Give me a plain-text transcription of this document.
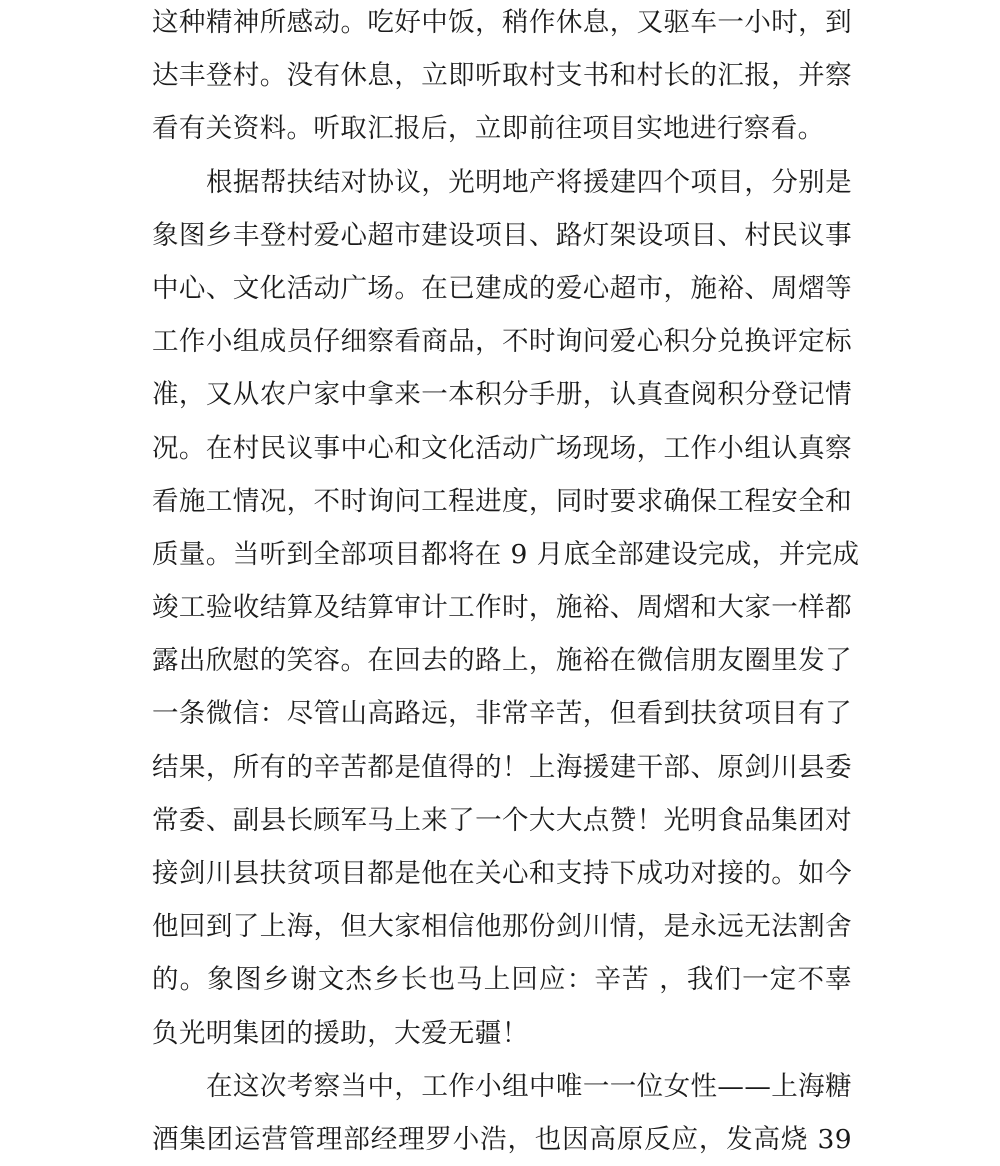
这种精神所感动。吃好中饭，稍作休息，又驱车一小时，到
达丰登村。没有休息，立即听取村支书和村长的汇报，并察
看有关资料。听取汇报后，立即前往项目实地进行察看。
根据帮扶结对协议，光明地产将援建四个项目，分别是
象图乡丰登村爱心超市建设项目、路灯架设项目、村民议事
中心、文化活动广场。在已建成的爱心超市，施裕、周熠等
工作小组成员仔细察看商品，不时询问爱心积分兑换评定标
准，又从农户家中拿来一本积分手册，认真查阅积分登记情
况。在村民议事中心和文化活动广场现场，工作小组认真察
看施工情况，不时询问工程进度，同时要求确保工程安全和
质量。当听到全部项目都将在 9 月底全部建设完成，并完成
竣工验收结算及结算审计工作时，施裕、周熠和大家一样都
露出欣慰的笑容。在回去的路上，施裕在微信朋友圈里发了
一条微信：尽管山高路远，非常辛苦，但看到扶贫项目有了
结果，所有的辛苦都是值得的！上海援建干部、原剑川县委
常委、副县长顾军马上来了一个大大点赞！光明食品集团对
接剑川县扶贫项目都是他在关心和支持下成功对接的。如今
他回到了上海，但大家相信他那份剑川情，是永远无法割舍
的。象图乡谢文杰乡长也马上回应：辛苦 ，我们一定不辜
负光明集团的援助，大爱无疆！
在这次考察当中，工作小组中唯一一位女性——上海糖
酒集团运营管理部经理罗小浩，也因高原反应，发高烧 39
